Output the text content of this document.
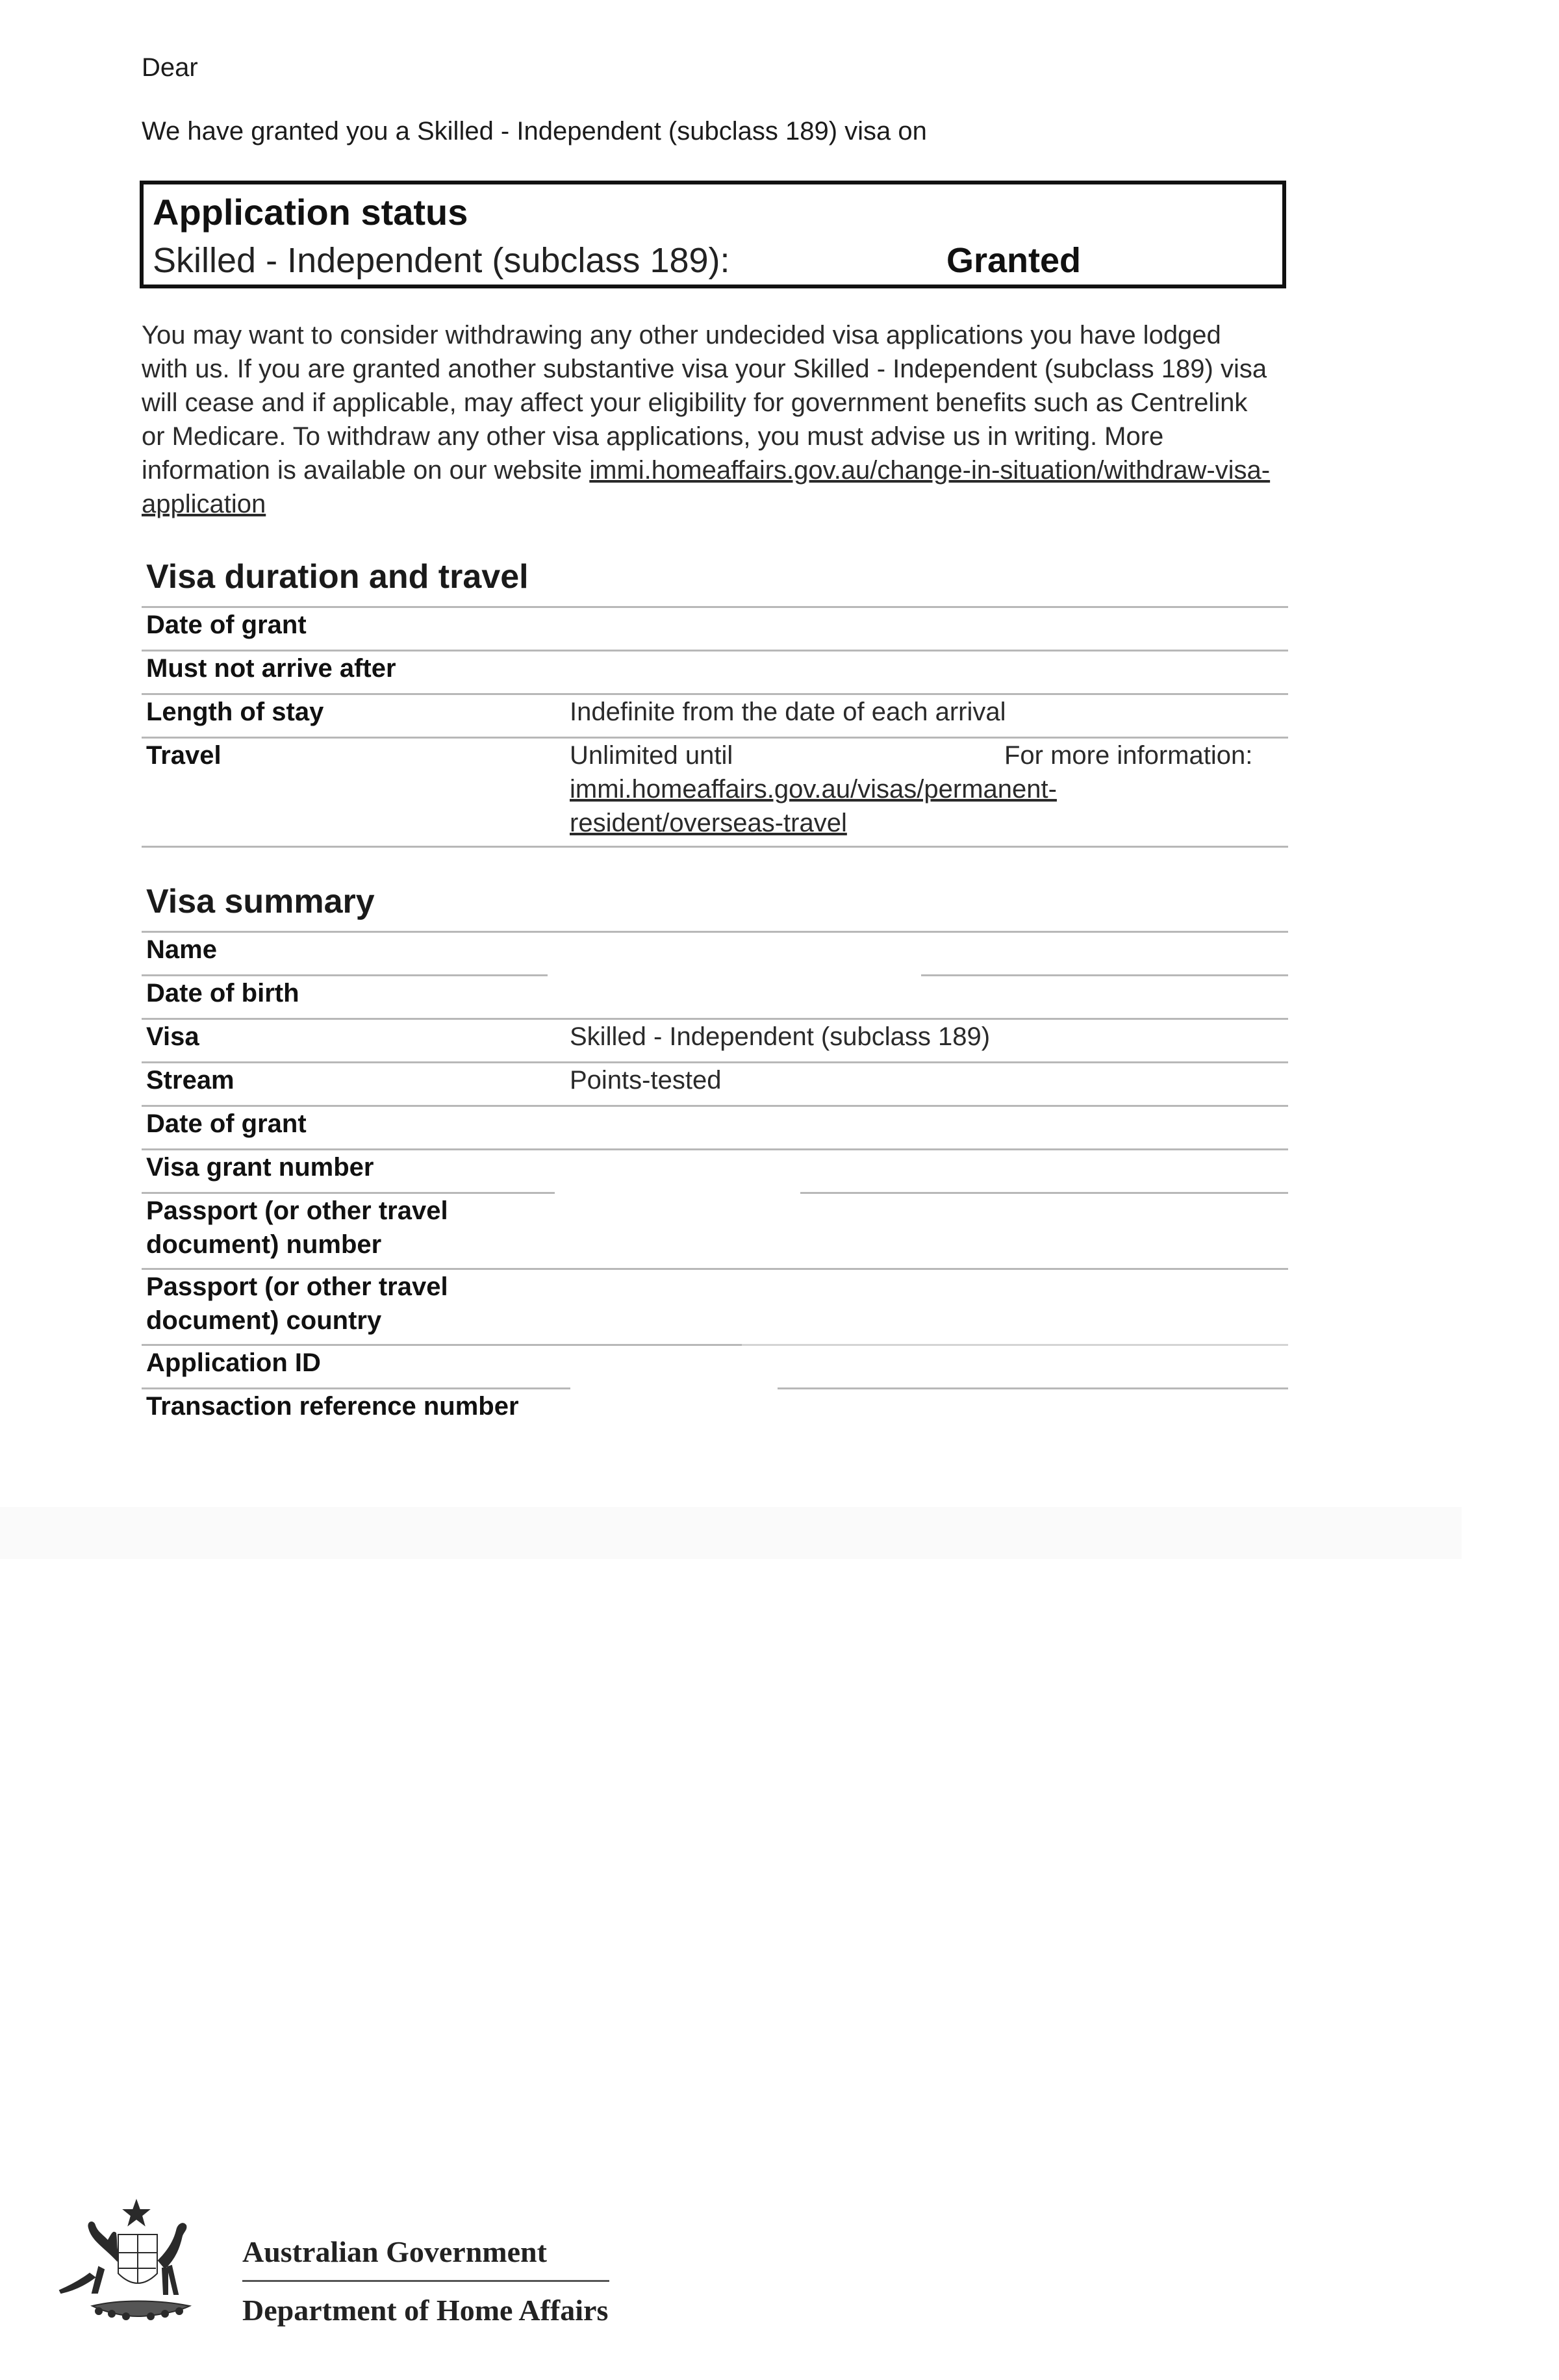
Dear
We have granted you a Skilled - Independent (subclass 189) visa on
Application status
Skilled - Independent (subclass 189):	Granted
You may want to consider withdrawing any other undecided visa applications you have lodged with us. If you are granted another substantive visa your Skilled - Independent (subclass 189) visa will cease and if applicable, may affect your eligibility for government benefits such as Centrelink or Medicare. To withdraw any other visa applications, you must advise us in writing. More information is available on our website immi.homeaffairs.gov.au/change-in-situation/withdraw-visa-application
Visa duration and travel
Date of grant
Must not arrive after
Length of stay	Indefinite from the date of each arrival
Travel	Unlimited until	For more information:
immi.homeaffairs.gov.au/visas/permanent-resident/overseas-travel
Visa summary
Name
Date of birth
Visa	Skilled - Independent (subclass 189)
Stream	Points-tested
Date of grant
Visa grant number
Passport (or other travel document) number
Passport (or other travel document) country
Application ID
Transaction reference number
Australian Government
Department of Home Affairs
